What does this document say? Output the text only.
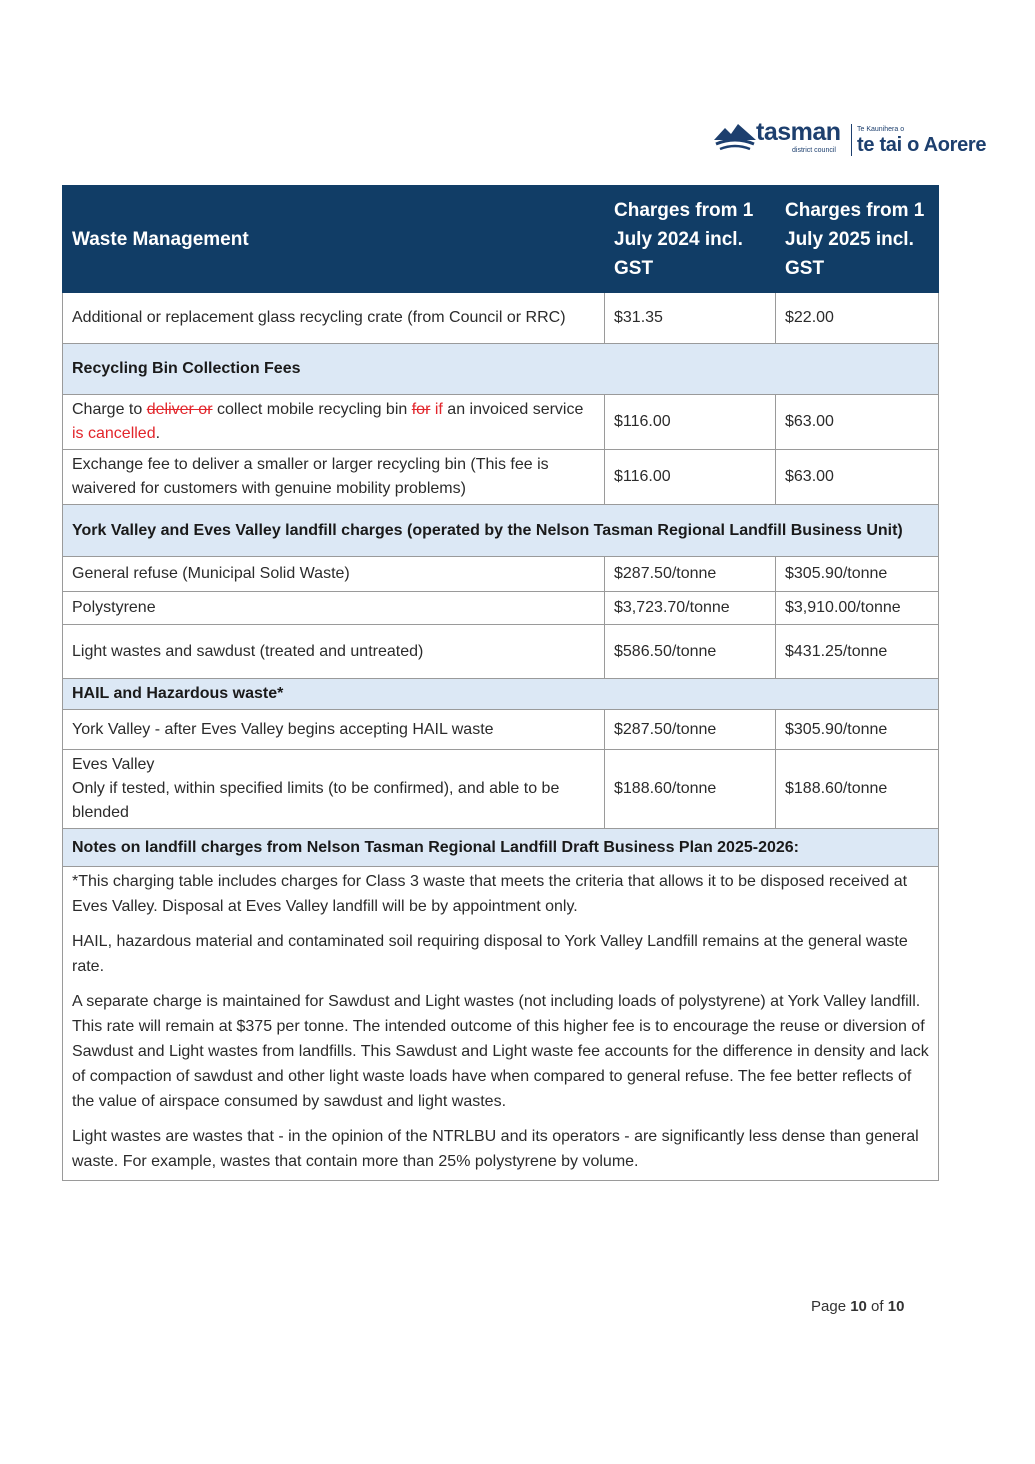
tasman
district council
Te Kaunihera o
te tai o Aorere
Waste Management	Charges from 1 July 2024 incl. GST	Charges from 1 July 2025 incl. GST
Additional or replacement glass recycling crate (from Council or RRC)	$31.35	$22.00
Recycling Bin Collection Fees		
Charge to deliver or collect mobile recycling bin for if an invoiced service is cancelled.	$116.00	$63.00
Exchange fee to deliver a smaller or larger recycling bin (This fee is waivered for customers with genuine mobility problems)	$116.00	$63.00
York Valley and Eves Valley landfill charges (operated by the Nelson Tasman Regional Landfill Business Unit)		
General refuse (Municipal Solid Waste)	$287.50/tonne	$305.90/tonne
Polystyrene	$3,723.70/tonne	$3,910.00/tonne
Light wastes and sawdust (treated and untreated)	$586.50/tonne	$431.25/tonne
HAIL and Hazardous waste*		
York Valley - after Eves Valley begins accepting HAIL waste	$287.50/tonne	$305.90/tonne

Eves Valley
Only if tested, within specified limits (to be confirmed), and able to be blended	$188.60/tonne	$188.60/tonne
Notes on landfill charges from Nelson Tasman Regional Landfill Draft Business Plan 2025-2026:		

*This charging table includes charges for Class 3 waste that meets the criteria that allows it to be disposed received at Eves Valley. Disposal at Eves Valley landfill will be by appointment only.

HAIL, hazardous material and contaminated soil requiring disposal to York Valley Landfill remains at the general waste rate.

A separate charge is maintained for Sawdust and Light wastes (not including loads of polystyrene) at York Valley landfill. This rate will remain at $375 per tonne. The intended outcome of this higher fee is to encourage the reuse or diversion of Sawdust and Light wastes from landfills. This Sawdust and Light waste fee accounts for the difference in density and lack of compaction of sawdust and other light waste loads have when compared to general refuse. The fee better reflects of the value of airspace consumed by sawdust and light wastes.

Light wastes are wastes that - in the opinion of the NTRLBU and its operators - are significantly less dense than general waste. For example, wastes that contain more than 25% polystyrene by volume.		

Page 10 of 10
